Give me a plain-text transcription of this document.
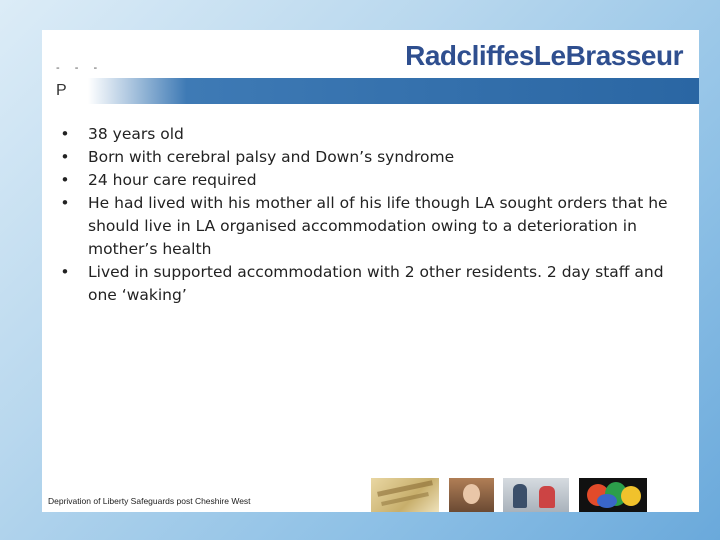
RadcliffesLeBrasseur
- - -
P
• 38 years old
• Born with cerebral palsy and Down’s syndrome
• 24 hour care required
• He had lived with his mother all of his life though LA sought orders that he should live in LA organised accommodation owing to a deterioration in mother’s health
• Lived in supported accommodation with 2 other residents. 2 day staff and one ‘waking’
Deprivation of Liberty Safeguards post Cheshire West
